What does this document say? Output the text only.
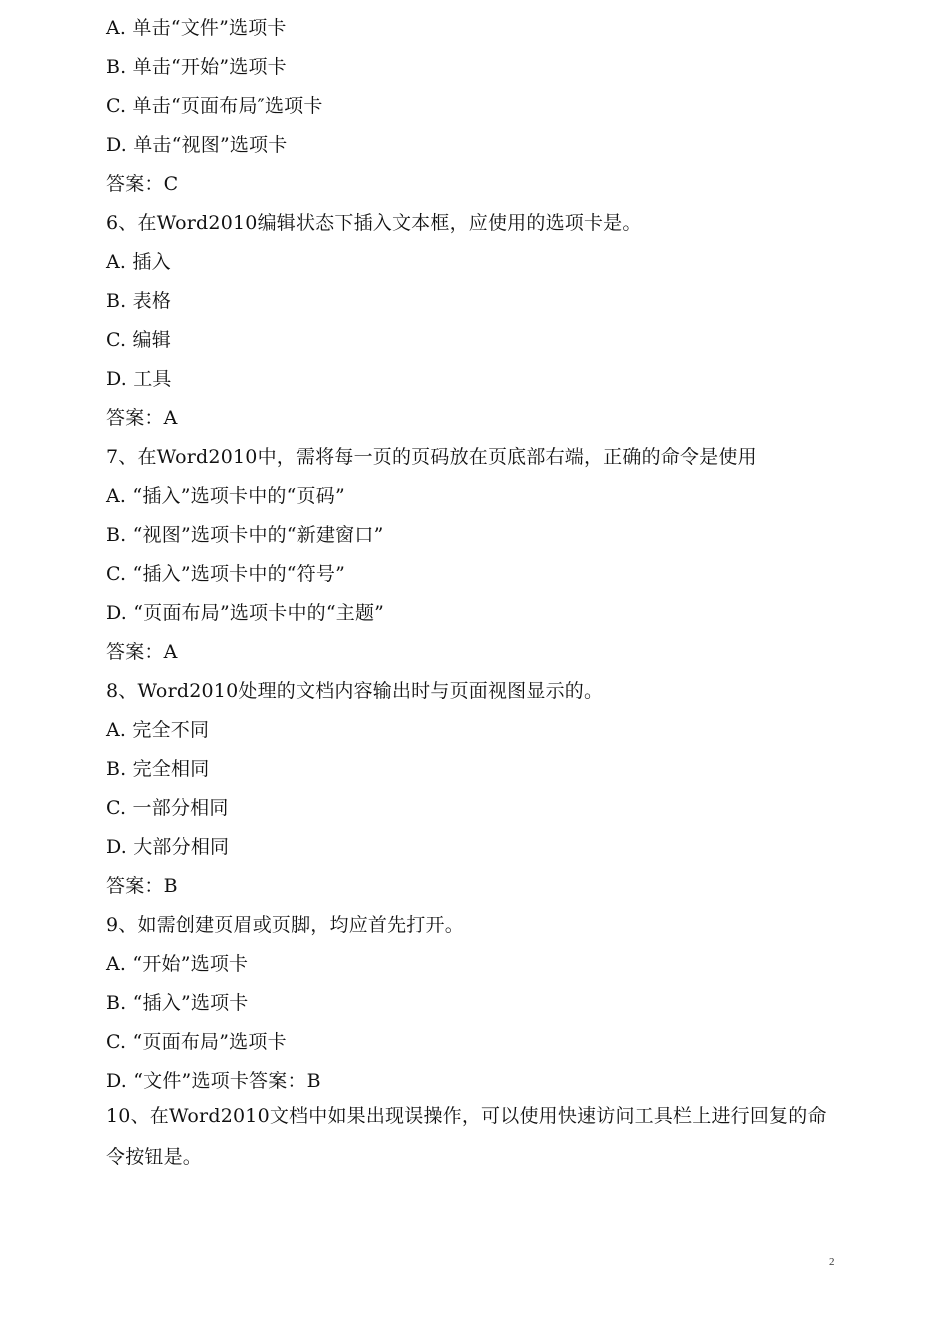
A. 单击“文件”选项卡
B. 单击“开始”选项卡
C. 单击“页面布局″选项卡
D. 单击“视图”选项卡
答案：C
6、在Word2010编辑状态下插入文本框，应使用的选项卡是。
A. 插入
B. 表格
C. 编辑
D. 工具
答案：A
7、在Word2010中，需将每一页的页码放在页底部右端，正确的命令是使用
A. “插入”选项卡中的“页码”
B. “视图”选项卡中的“新建窗口”
C. “插入”选项卡中的“符号”
D. “页面布局”选项卡中的“主题”
答案：A
8、Word2010处理的文档内容输出时与页面视图显示的。
A. 完全不同
B. 完全相同
C. 一部分相同
D. 大部分相同
答案：B
9、如需创建页眉或页脚，均应首先打开。
A. “开始”选项卡
B. “插入”选项卡
C. “页面布局”选项卡
D. “文件”选项卡答案：B
10、在Word2010文档中如果出现误操作，可以使用快速访问工具栏上进行回复的命
令按钮是。
2
